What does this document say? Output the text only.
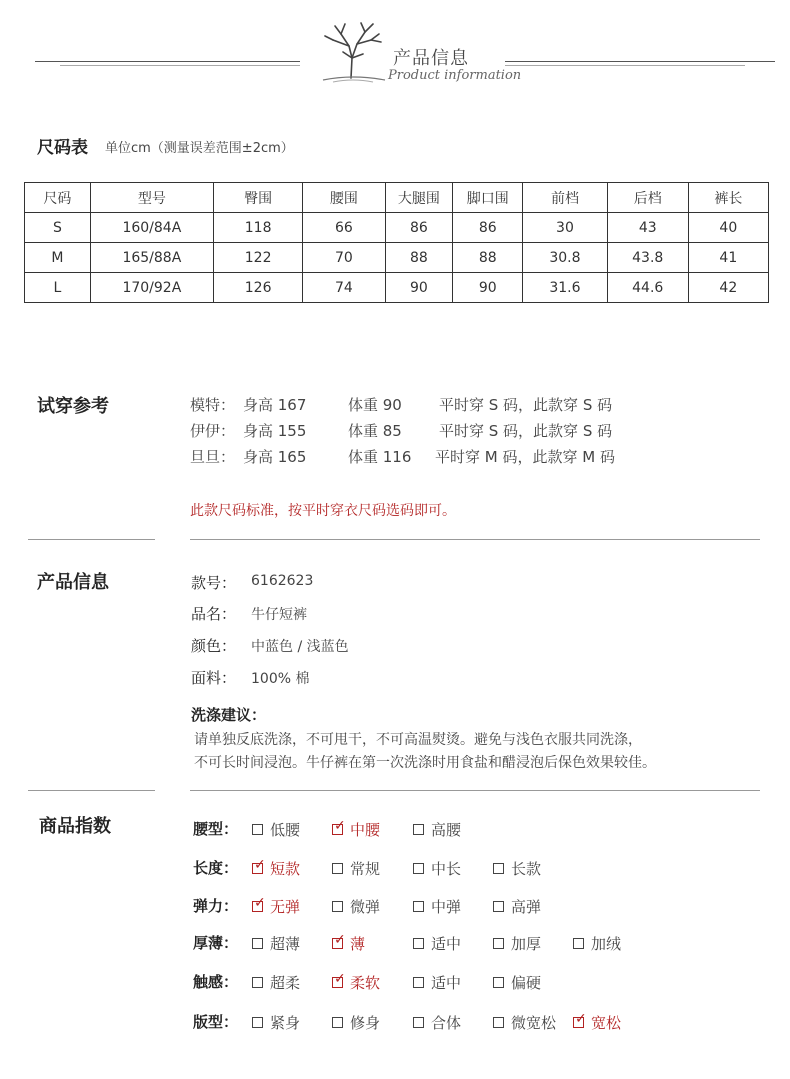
产品信息
Product information
尺码表 单位cm（测量误差范围±2cm）
尺码	型号	臀围	腰围	大腿围	脚口围	前档	后档	裤长
S	160/84A	118	66	86	86	30	43	40
M	165/88A	122	70	88	88	30.8	43.8	41
L	170/92A	126	74	90	90	31.6	44.6	42
试穿参考	模特： 身高 167	体重 90 平时穿 S 码，此款穿 S 码
伊伊： 身高 155	体重 85 平时穿 S 码，此款穿 S 码
旦旦： 身高 165	体重 116 平时穿 M 码，此款穿 M 码
此款尺码标准，按平时穿衣尺码选码即可。
产品信息	款号： 6162623
品名： 牛仔短裤
颜色： 中蓝色 / 浅蓝色
面料： 100% 棉
洗涤建议：
请单独反底洗涤，不可甩干，不可高温熨烫。避免与浅色衣服共同洗涤，
不可长时间浸泡。牛仔裤在第一次洗涤时用食盐和醋浸泡后保色效果较佳。
商品指数	腰型： 低腰 ✓ 中腰	高腰
长度： ✓ 短款	常规	中长	长款
弹力： ✓ 无弹	微弹	中弹	高弹
厚薄： 超薄 ✓ 薄	适中	加厚	加绒
触感： 超柔 ✓ 柔软	适中	偏硬
版型： 紧身	修身	合体	微宽松 ✓ 宽松
